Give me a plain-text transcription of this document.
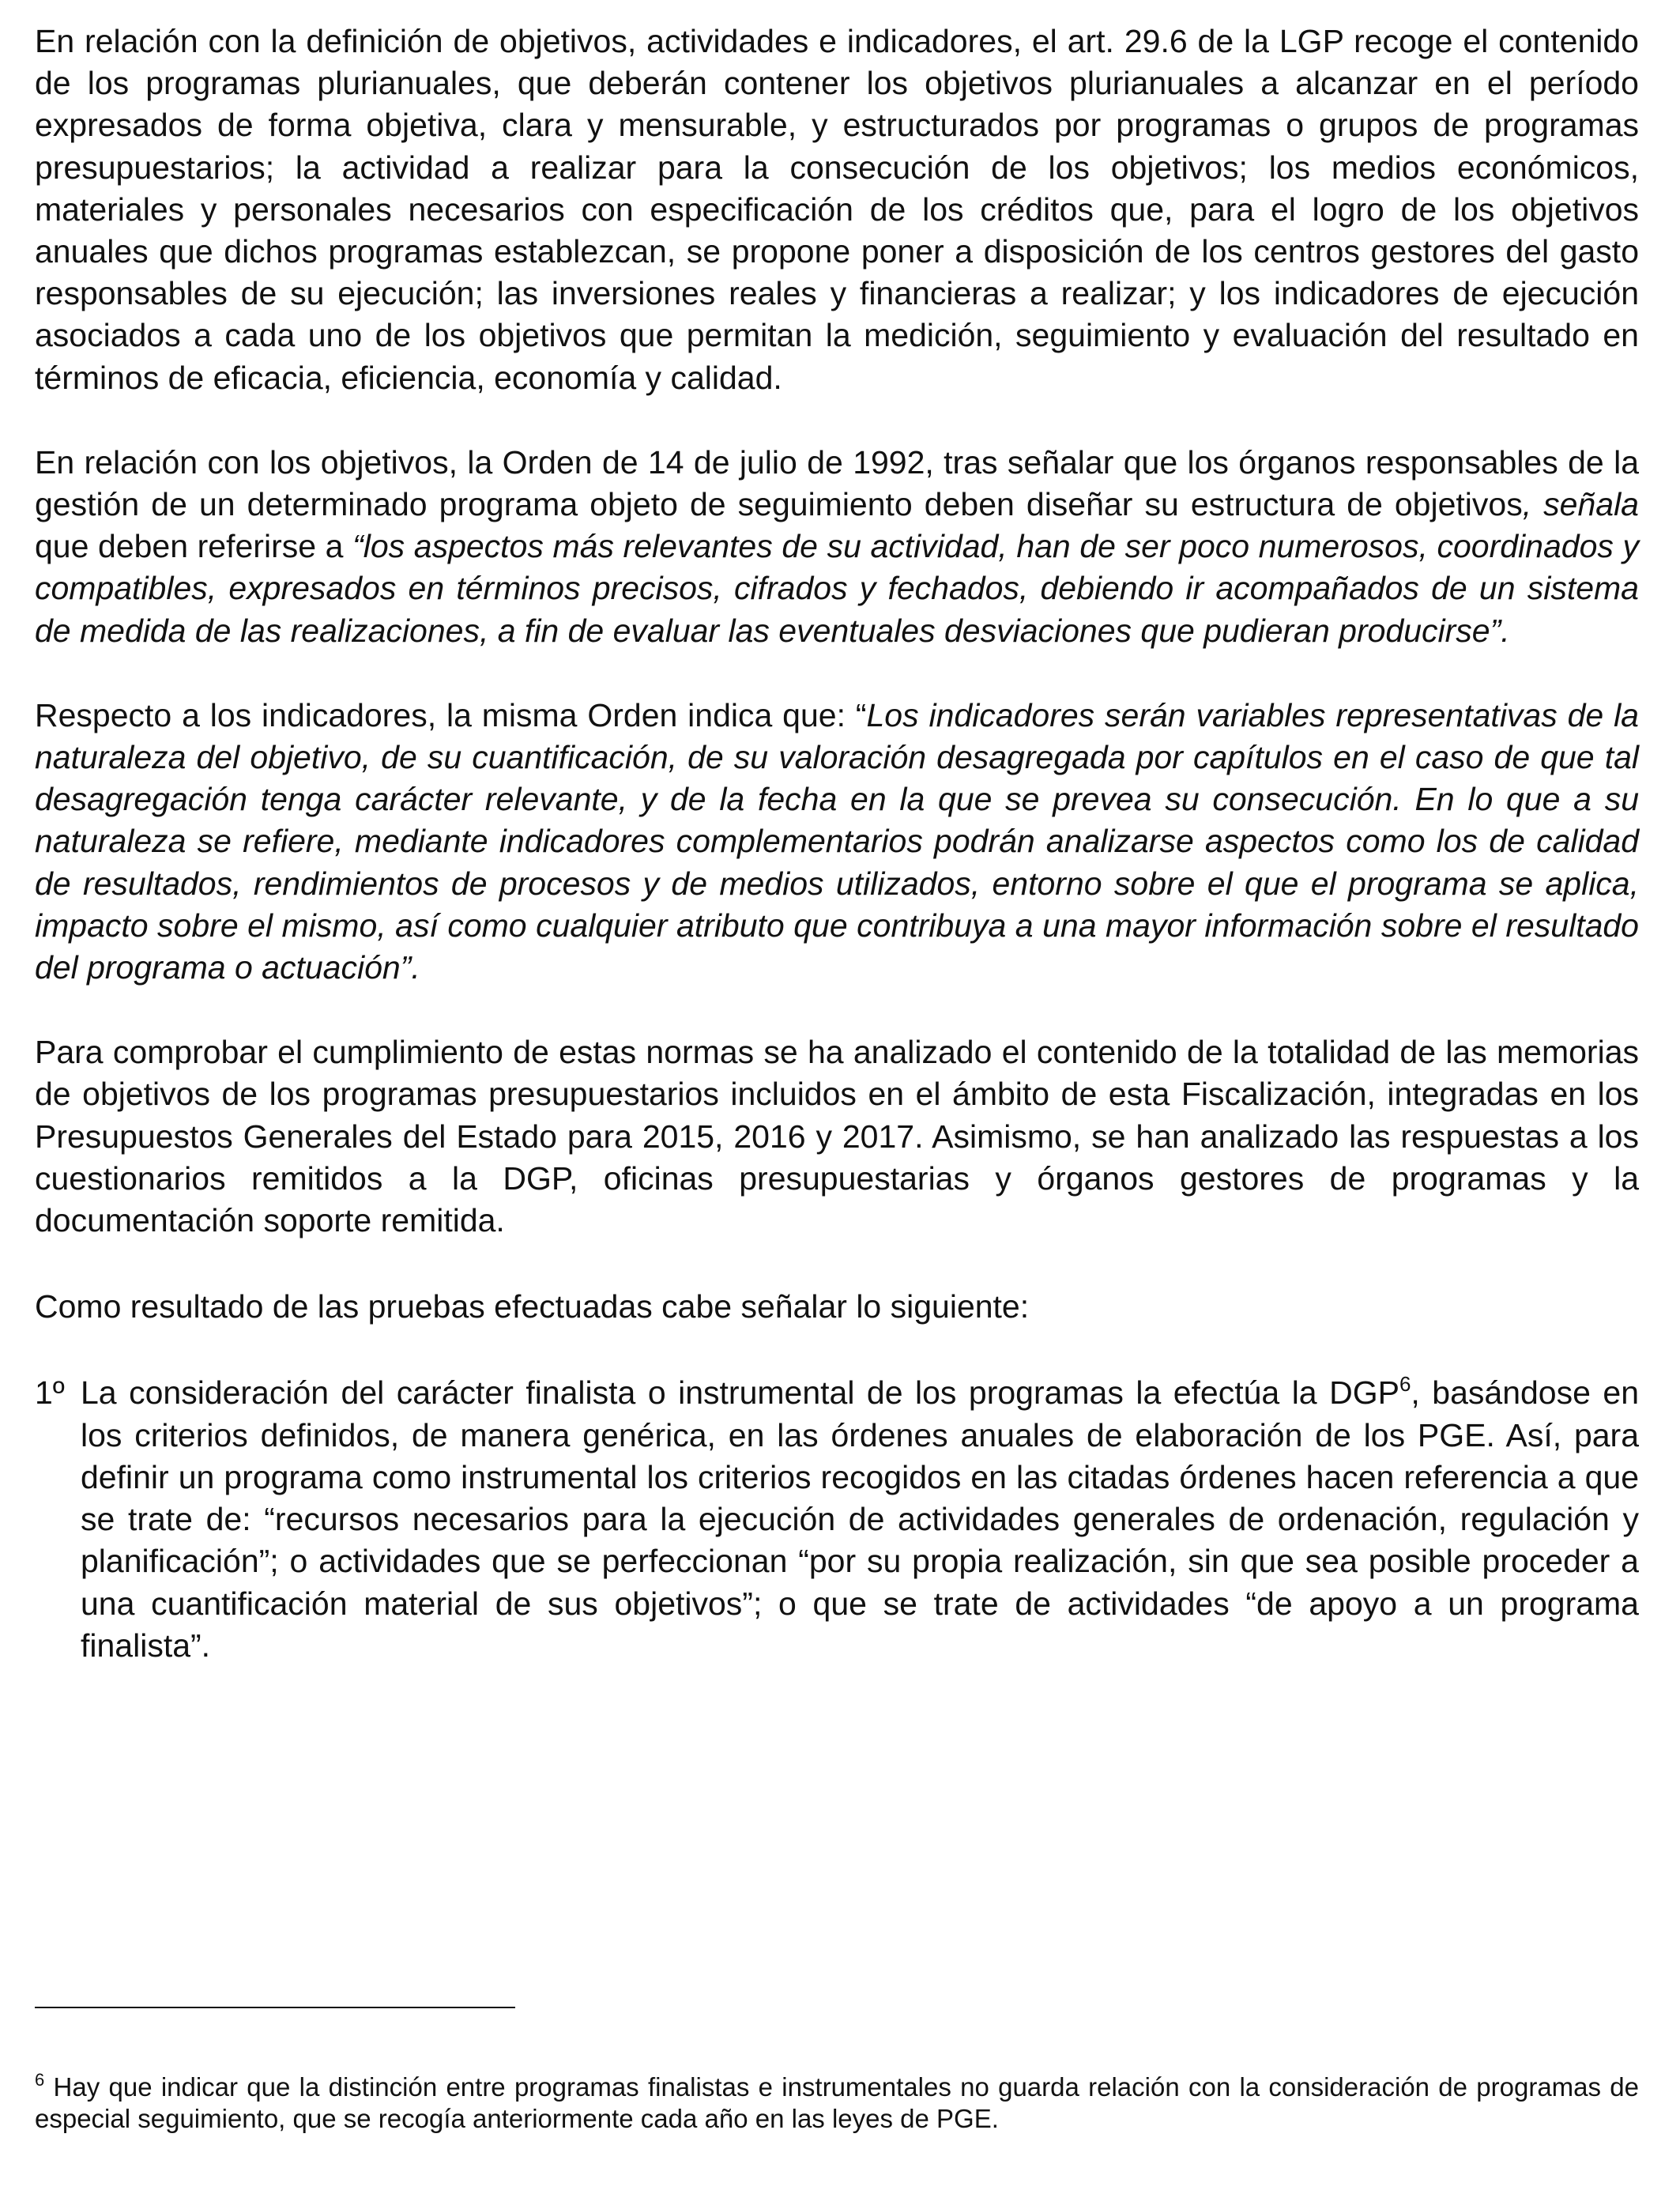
En relación con la definición de objetivos, actividades e indicadores, el art. 29.6 de la LGP recoge el contenido de los programas plurianuales, que deberán contener los objetivos plurianuales a alcanzar en el período expresados de forma objetiva, clara y mensurable, y estructurados por programas o grupos de programas presupuestarios; la actividad a realizar para la consecución de los objetivos; los medios económicos, materiales y personales necesarios con especificación de los créditos que, para el logro de los objetivos anuales que dichos programas establezcan, se propone poner a disposición de los centros gestores del gasto responsables de su ejecución; las inversiones reales y financieras a realizar; y los indicadores de ejecución asociados a cada uno de los objetivos que permitan la medición, seguimiento y evaluación del resultado en términos de eficacia, eficiencia, economía y calidad.

En relación con los objetivos, la Orden de 14 de julio de 1992, tras señalar que los órganos responsables de la gestión de un determinado programa objeto de seguimiento deben diseñar su estructura de objetivos, señala que deben referirse a “los aspectos más relevantes de su actividad, han de ser poco numerosos, coordinados y compatibles, expresados en términos precisos, cifrados y fechados, debiendo ir acompañados de un sistema de medida de las realizaciones, a fin de evaluar las eventuales desviaciones que pudieran producirse”.

Respecto a los indicadores, la misma Orden indica que: “Los indicadores serán variables representativas de la naturaleza del objetivo, de su cuantificación, de su valoración desagregada por capítulos en el caso de que tal desagregación tenga carácter relevante, y de la fecha en la que se prevea su consecución. En lo que a su naturaleza se refiere, mediante indicadores complementarios podrán analizarse aspectos como los de calidad de resultados, rendimientos de procesos y de medios utilizados, entorno sobre el que el programa se aplica, impacto sobre el mismo, así como cualquier atributo que contribuya a una mayor información sobre el resultado del programa o actuación”.

Para comprobar el cumplimiento de estas normas se ha analizado el contenido de la totalidad de las memorias de objetivos de los programas presupuestarios incluidos en el ámbito de esta Fiscalización, integradas en los Presupuestos Generales del Estado para 2015, 2016 y 2017. Asimismo, se han analizado las respuestas a los cuestionarios remitidos a la DGP, oficinas presupuestarias y órganos gestores de programas y la documentación soporte remitida.

Como resultado de las pruebas efectuadas cabe señalar lo siguiente:

1º La consideración del carácter finalista o instrumental de los programas la efectúa la DGP$^6$, basándose en los criterios definidos, de manera genérica, en las órdenes anuales de elaboración de los PGE. Así, para definir un programa como instrumental los criterios recogidos en las citadas órdenes hacen referencia a que se trate de: “recursos necesarios para la ejecución de actividades generales de ordenación, regulación y planificación”; o actividades que se perfeccionan “por su propia realización, sin que sea posible proceder a una cuantificación material de sus objetivos”; o que se trate de actividades “de apoyo a un programa finalista”.
$^6$ Hay que indicar que la distinción entre programas finalistas e instrumentales no guarda relación con la consideración de programas de especial seguimiento, que se recogía anteriormente cada año en las leyes de PGE.
